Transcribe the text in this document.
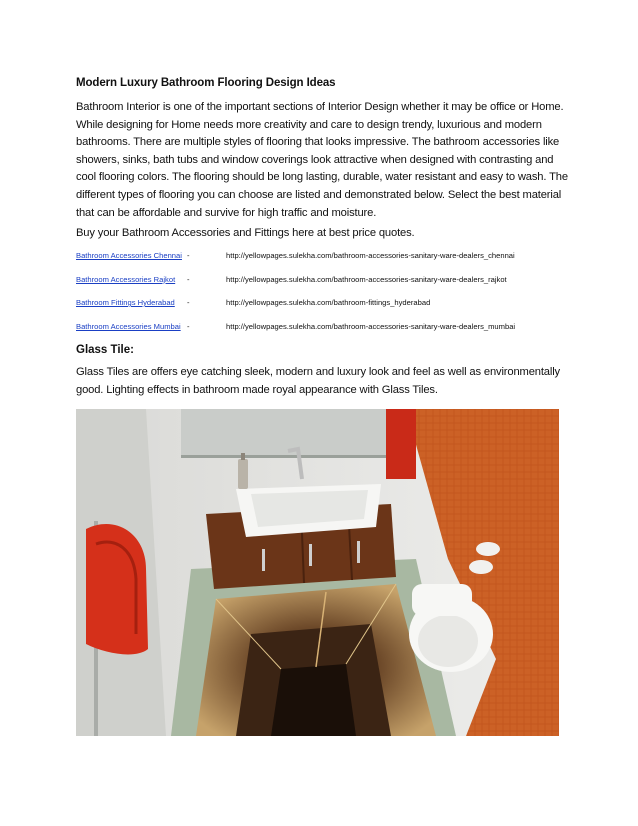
Modern Luxury Bathroom Flooring Design Ideas
Bathroom Interior is one of the important sections of Interior Design whether it may be office or Home. While designing for Home needs more creativity and care to design trendy, luxurious and modern bathrooms. There are multiple styles of flooring that looks impressive. The bathroom accessories like showers, sinks, bath tubs and window coverings look attractive when designed with contrasting and cool flooring colors. The flooring should be long lasting, durable, water resistant and easy to wash. The different types of flooring you can choose are listed and demonstrated below. Select the best material that can be affordable and survive for high traffic and moisture.
Buy your Bathroom Accessories and Fittings here at best price quotes.
Bathroom Accessories Chennai -	http://yellowpages.sulekha.com/bathroom-accessories-sanitary-ware-dealers_chennai
Bathroom Accessories Rajkot -	http://yellowpages.sulekha.com/bathroom-accessories-sanitary-ware-dealers_rajkot
Bathroom Fittings Hyderabad -	http://yellowpages.sulekha.com/bathroom-fittings_hyderabad
Bathroom Accessories Mumbai -	http://yellowpages.sulekha.com/bathroom-accessories-sanitary-ware-dealers_mumbai
Glass Tile:
Glass Tiles are offers eye catching sleek, modern and luxury look and feel as well as environmentally good. Lighting effects in bathroom made royal appearance with Glass Tiles.
